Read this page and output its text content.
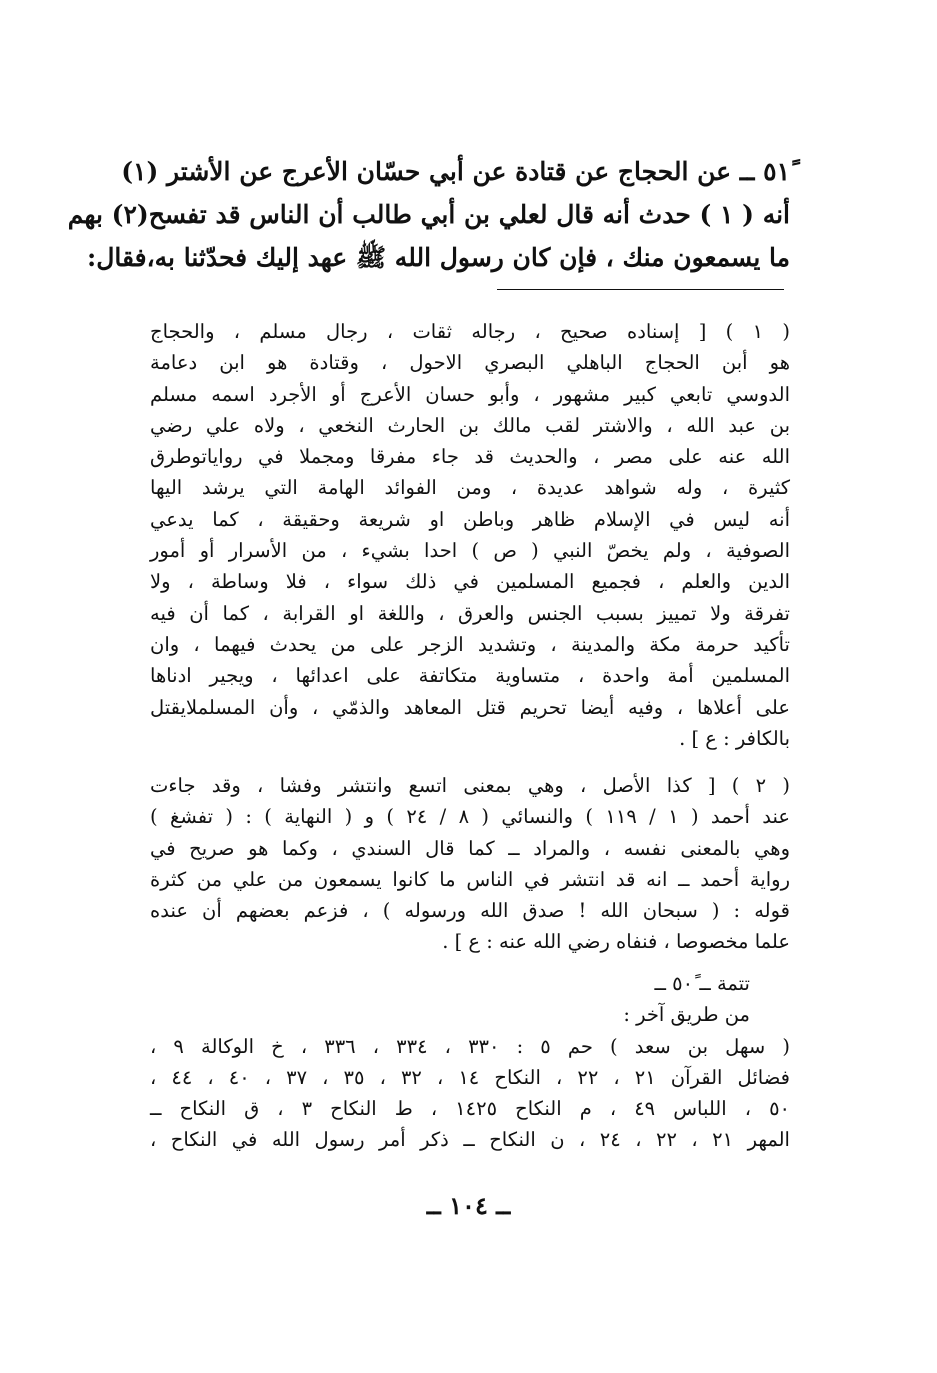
٥١ً ــ عن الحجاج عن قتادة عن أبي حسّان الأعرج عن الأشتر (١)
أنه ( ١ ) حدث أنه قال لعلي بن أبي طالب أن الناس قد تفسح(٢) بهم
ما يسمعون منك ، فإن كان رسول الله ﷺ عهد إليك فحدّثنا به،فقال:
( ١ ) [ إسناده صحيح ، رجاله ثقات ، رجال مسلم ، والحجاج
هو أبن الحجاج الباهلي البصري الاحول ، وقتادة هو ابن دعامة
الدوسي تابعي كبير مشهور ، وأبو حسان الأعرج أو الأجرد اسمه مسلم
بن عبد الله ، والاشتر لقب مالك بن الحارث النخعي ، ولاه علي رضي
الله عنه على مصر ، والحديث قد جاء مفرقا ومجملا في رواياتوطرق
كثيرة ، وله شواهد عديدة ، ومن الفوائد الهامة التي يرشد اليها
أنه ليس في الإسلام ظاهر وباطن او شريعة وحقيقة ، كما يدعي
الصوفية ، ولم يخصّ النبي ( ص ) احدا بشيء ، من الأسرار أو أمور
الدين والعلم ، فجميع المسلمين في ذلك سواء ، فلا وساطة ، ولا
تفرقة ولا تمييز بسبب الجنس والعرق ، واللغة او القرابة ، كما أن فيه
تأكيد حرمة مكة والمدينة ، وتشديد الزجر على من يحدث فيهما ، وان
المسلمين أمة واحدة ، متساوية متكاتفة على اعدائها ، ويجير ادناها
على أعلاها ، وفيه أيضا تحريم قتل المعاهد والذمّي ، وأن المسلملايقتل
بالكافر : ع ] .
( ٢ ) [ كذا الأصل ، وهي بمعنى اتسع وانتشر وفشا ، وقد جاءت
عند أحمد ( ١ / ١١٩ ) والنسائي ( ٨ / ٢٤ ) و ( النهاية ) : ( تفشغ )
وهي بالمعنى نفسه ، والمراد ــ كما قال السندي ، وكما هو صريح في
رواية أحمد ــ انه قد انتشر في الناس ما كانوا يسمعون من علي من كثرة
قوله : ( سبحان الله ! صدق الله ورسوله ) ، فزعم بعضهم أن عنده
علما مخصوصا ، فنفاه رضي الله عنه : ع ] .
تتمة ــ ٥٠ً ــ
من طريق آخر :
( سهل بن سعد ) حم ٥ : ٣٣٠ ، ٣٣٤ ، ٣٣٦ ، خ الوكالة ٩ ،
فضائل القرآن ٢١ ، ٢٢ ، النكاح ١٤ ، ٣٢ ، ٣٥ ، ٣٧ ، ٤٠ ، ٤٤ ،
٥٠ ، اللباس ٤٩ ، م النكاح ١٤٢٥ ، ط النكاح ٣ ، ق النكاح ــ
المهر ٢١ ، ٢٢ ، ٢٤ ، ن النكاح ــ ذكر أمر رسول الله في النكاح ،
ــ ١٠٤ ــ
